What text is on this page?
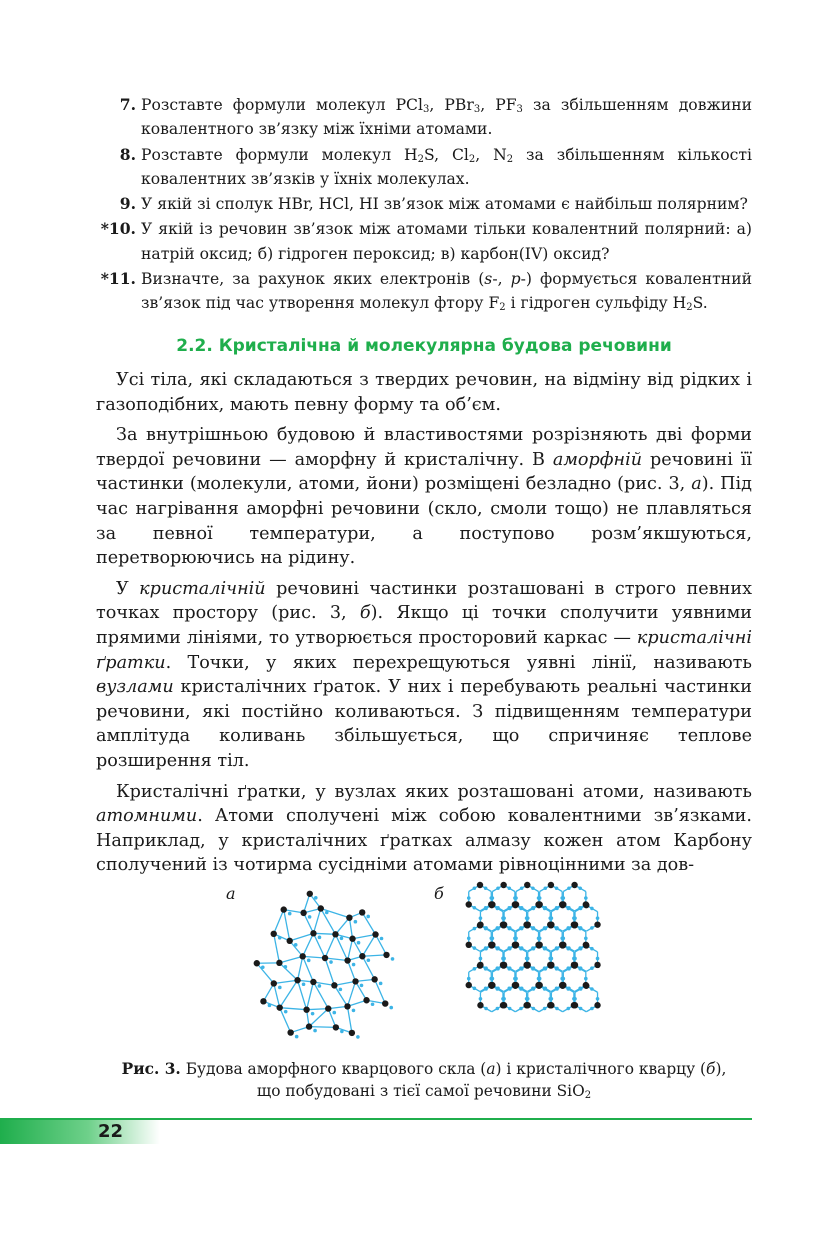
7. Розставте формули молекул PCl$_3$, PBr$_3$, $PF_3$ за збільшенням довжини ковалентного зв’язку між їхніми атомами.
8. Розставте формули молекул $H_2S$, $Cl_2$, $N_2$ за збільшенням кількості ковалентних зв’язків у їхніх молекулах.
9. У якій зі сполук HBr, HCl, HI зв’язок між атомами є найбільш полярним?
*10. У якій із речовин зв’язок між атомами тільки ковалентний полярний: а) натрій оксид; б) гідроген пероксид; в) карбон(IV) оксид?
*11. Визначте, за рахунок яких електронів (s-, p-) формується ковалентний зв’язок під час утворення молекул фтору $F_2$ і гідроген сульфіду $H_2S$.
2.2. Кристалічна й молекулярна будова речовини

Усі тіла, які складаються з твердих речовин, на відміну від рідких і газоподібних, мають певну форму та об’єм.

За внутрішньою будовою й властивостями розрізняють дві форми твердої речовини — аморфну й кристалічну. В аморфній речовині її частинки (молекули, атоми, йони) розміщені безладно (рис. 3, а). Під час нагрівання аморфні речовини (скло, смоли тощо) не плавляться за певної температури, а поступово розм’якшуються, перетворюючись на рідину.

У кристалічній речовині частинки розташовані в строго певних точках простору (рис. 3, б). Якщо ці точки сполучити уявними прямими лініями, то утворюється просторовий каркас — кристалічні ґратки. Точки, у яких перехрещуються уявні лінії, називають вузлами кристалічних ґраток. У них і перебувають реальні частинки речовини, які постійно коливаються. З підвищенням температури амплітуда коливань збільшується, що спричиняє теплове розширення тіл.

Кристалічні ґратки, у вузлах яких розташовані атоми, називають атомними. Атоми сполучені між собою ковалентними зв’язками. Наприклад, у кристалічних ґратках алмазу кожен атом Карбону сполучений із чотирма сусідніми атомами рівноцінними за дов-

а	б
Рис. 3. Будова аморфного кварцового скла (а) і кристалічного кварцу (б),
що побудовані з тієї самої речовини SiO$_2$
22
